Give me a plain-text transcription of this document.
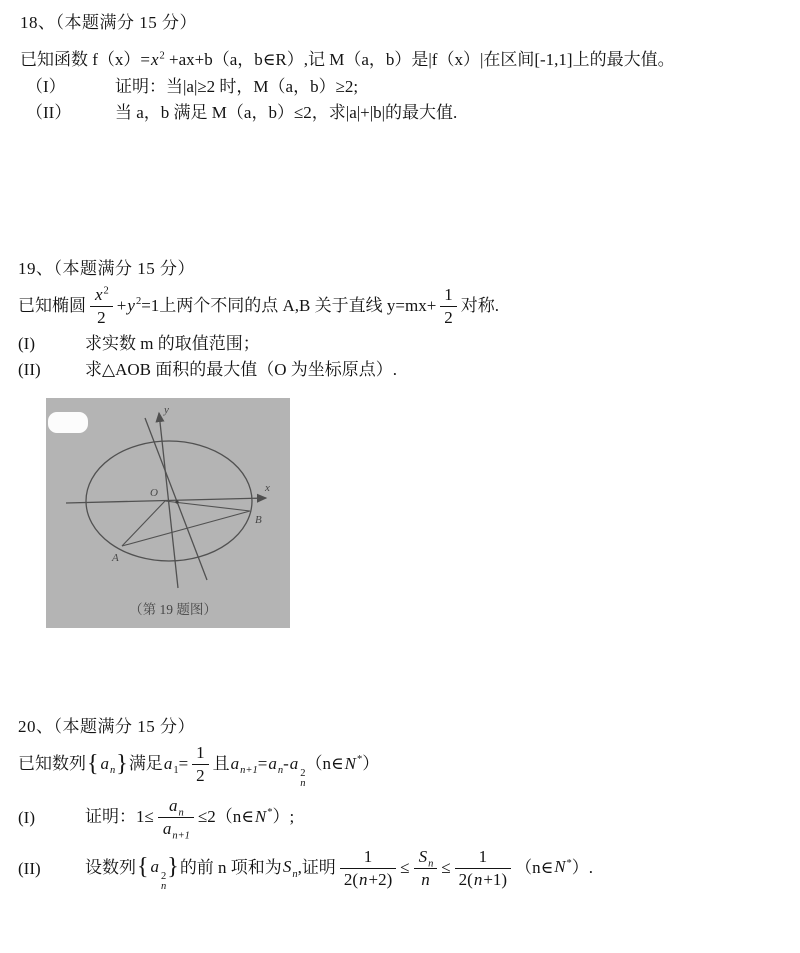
18、（本题满分 15 分）
已知函数 $f(x)=x^2 +ax+b(a$，b∈R）,记 M（a，b）是|f（x）|在区间[-1,1]上的最大值。
（I）	证明：当|a|≥2 时，M（a，b）≥2;
（II）	当 a，b 满足 M（a，b）≤2，求|a|+|b|的最大值.
19、（本题满分 15 分）
已知椭圆 $\frac{x^2}{2} +y^2=1$上两个不同的点 A,B 关于直线 $y=mx+ \frac{1}{2}$ 对称.
(I)	求实数 m 的取值范围；
(II)	求△AOB 面积的最大值（O 为坐标原点）.
x
y
O
A
B
（第 19 题图）
20、（本题满分 15 分）
已知数列{ $a_n$}满足$a_1= \frac{1}{2}$ 且$a_{n+1}=a_n-a$
2
n
（n∈N*）
(I)	证明：$1\le \frac{a_n}{a_{n+1}}$ ≤2（n∈N*）;
(II)	设数列{ a
2
n
}的前 n 项和为$S_n$,证明 $\frac{1}{2(n+2)} \le \frac{S_n}{n} \le \frac{1}{2(n+1)}$ （n∈N*）.
